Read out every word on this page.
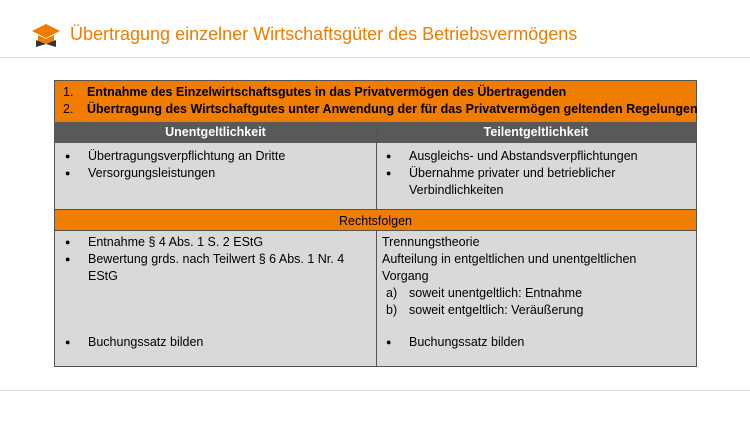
Übertragung einzelner Wirtschaftsgüter des Betriebsvermögens
1. Entnahme des Einzelwirtschaftsgutes in das Privatvermögen des Übertragenden
2. Übertragung des Wirtschaftgutes unter Anwendung der für das Privatvermögen geltenden Regelungen
Unentgeltlichkeit	Teilentgeltlichkeit
● Übertragungsverpflichtung an Dritte
● Versorgungsleistungen
● Ausgleichs- und Abstandsverpflichtungen
● Übernahme privater und betrieblicher Verbindlichkeiten
Rechtsfolgen
● Entnahme § 4 Abs. 1 S. 2 EStG
● Bewertung grds. nach Teilwert § 6 Abs. 1 Nr. 4 EStG
● Buchungssatz bilden
Trennungstheorie
Aufteilung in entgeltlichen und unentgeltlichen Vorgang
a) soweit unentgeltlich: Entnahme
b) soweit entgeltlich: Veräußerung
● Buchungssatz bilden
